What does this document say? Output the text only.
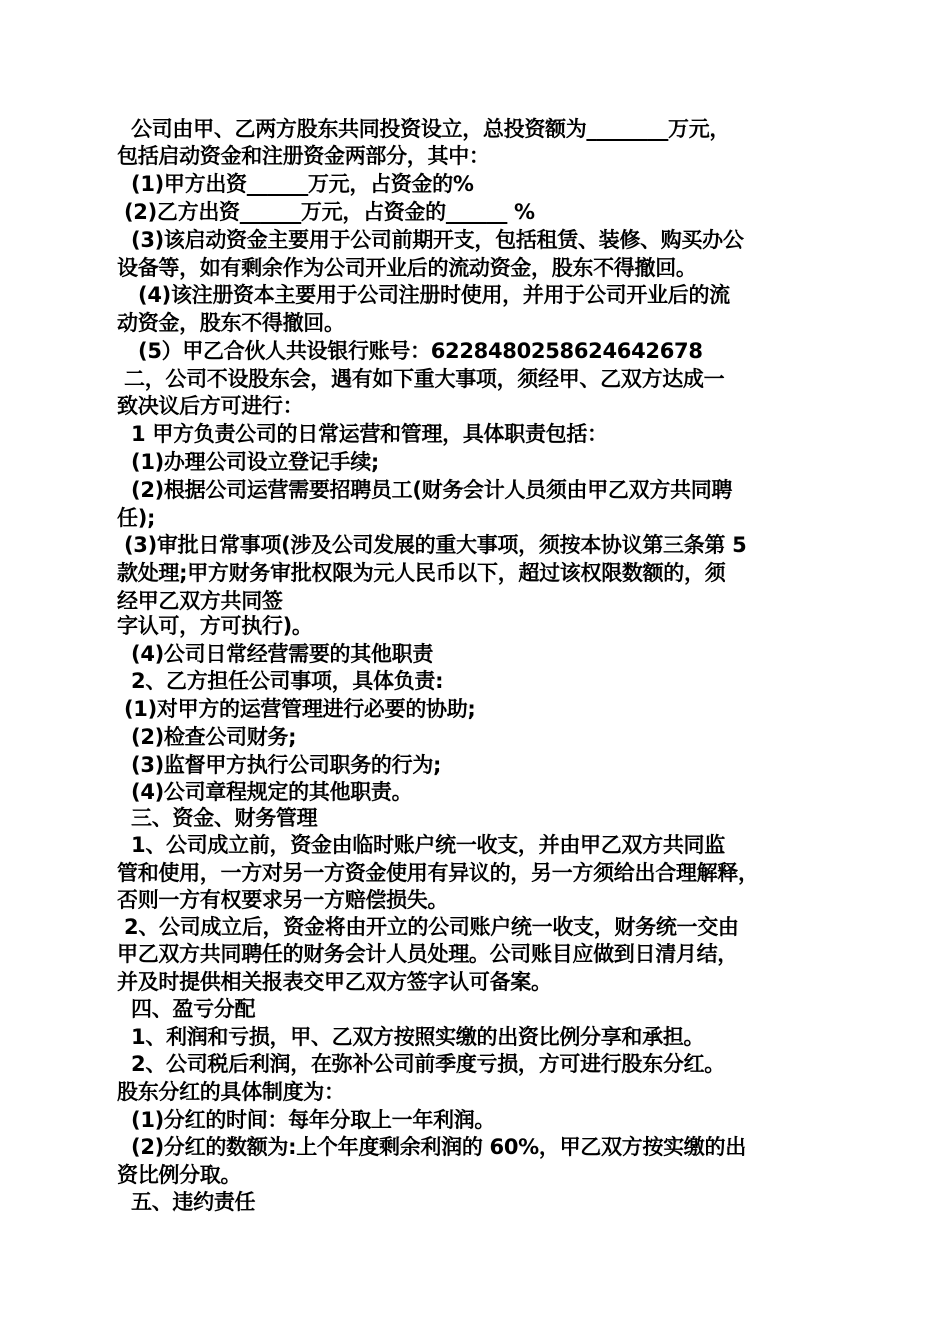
公司由甲、乙两方股东共同投资设立，总投资额为________万元，
包括启动资金和注册资金两部分，其中：
(1)甲方出资______万元，占资金的%
(2)乙方出资______万元，占资金的______ %
(3)该启动资金主要用于公司前期开支，包括租赁、装修、购买办公
设备等，如有剩余作为公司开业后的流动资金，股东不得撤回。
(4)该注册资本主要用于公司注册时使用，并用于公司开业后的流
动资金，股东不得撤回。
(5）甲乙合伙人共设银行账号：6228480258624642678
二，公司不设股东会，遇有如下重大事项，须经甲、乙双方达成一
致决议后方可进行：
1 甲方负责公司的日常运营和管理，具体职责包括：
(1)办理公司设立登记手续;
(2)根据公司运营需要招聘员工(财务会计人员须由甲乙双方共同聘
任);
(3)审批日常事项(涉及公司发展的重大事项，须按本协议第三条第 5
款处理;甲方财务审批权限为元人民币以下，超过该权限数额的，须
经甲乙双方共同签
字认可，方可执行)。
(4)公司日常经营需要的其他职责
2、乙方担任公司事项，具体负责:
(1)对甲方的运营管理进行必要的协助;
(2)检查公司财务;
(3)监督甲方执行公司职务的行为;
(4)公司章程规定的其他职责。
三、资金、财务管理
1、公司成立前，资金由临时账户统一收支，并由甲乙双方共同监
管和使用，一方对另一方资金使用有异议的，另一方须给出合理解释，
否则一方有权要求另一方赔偿损失。
2、公司成立后，资金将由开立的公司账户统一收支，财务统一交由
甲乙双方共同聘任的财务会计人员处理。公司账目应做到日清月结，
并及时提供相关报表交甲乙双方签字认可备案。
四、盈亏分配
1、利润和亏损，甲、乙双方按照实缴的出资比例分享和承担。
2、公司税后利润，在弥补公司前季度亏损，方可进行股东分红。
股东分红的具体制度为：
(1)分红的时间：每年分取上一年利润。
(2)分红的数额为:上个年度剩余利润的 60%，甲乙双方按实缴的出
资比例分取。
五、违约责任
